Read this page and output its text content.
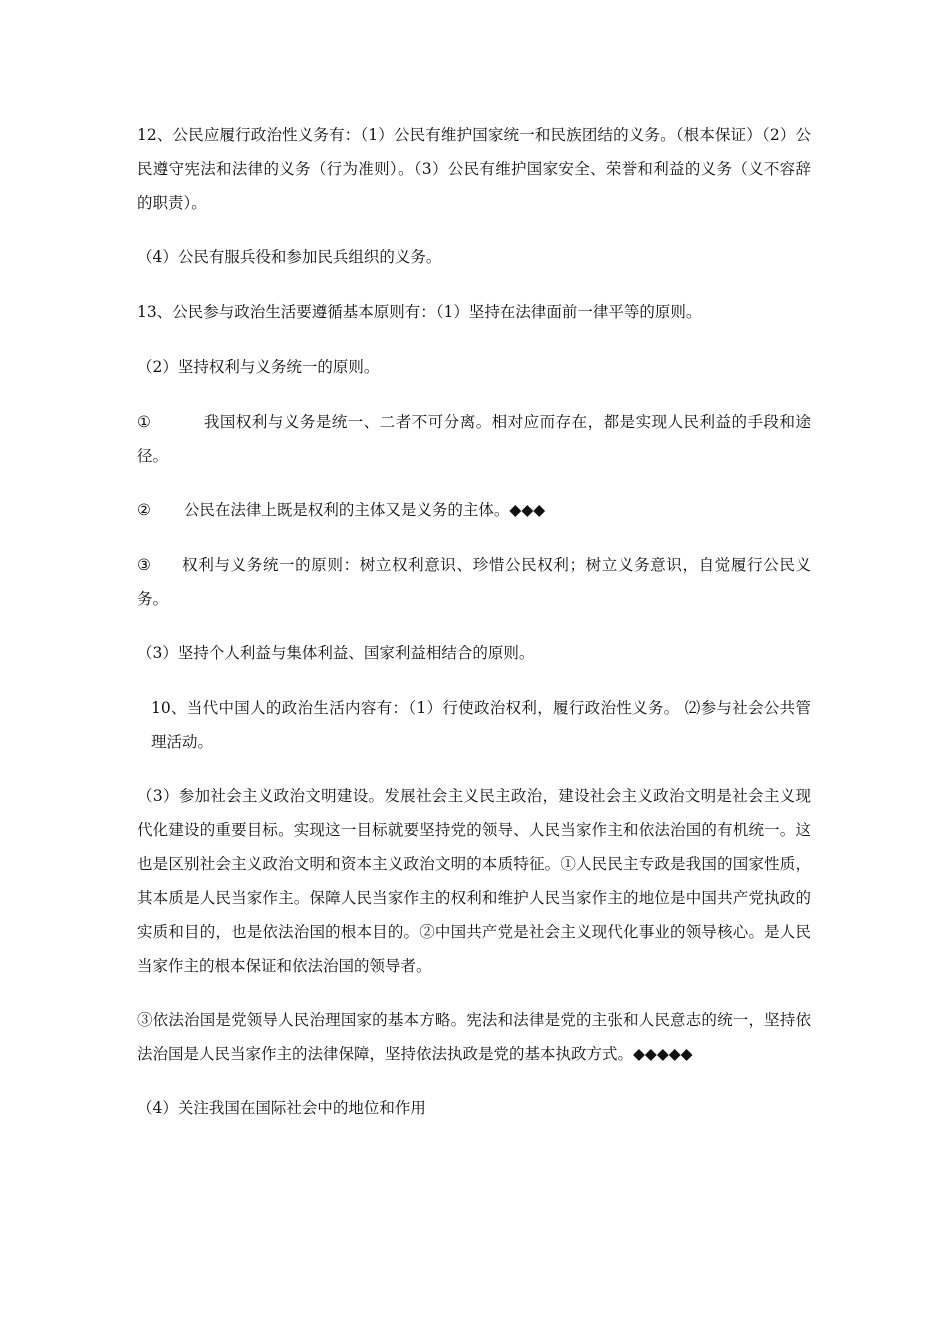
12、公民应履行政治性义务有：（1）公民有维护国家统一和民族团结的义务。（根本保证）（2）公民遵守宪法和法律的义务（行为准则）。（3）公民有维护国家安全、荣誉和利益的义务（义不容辞的职责）。

（4）公民有服兵役和参加民兵组织的义务。

13、公民参与政治生活要遵循基本原则有：（1）坚持在法律面前一律平等的原则。

（2）坚持权利与义务统一的原则。

①	我国权利与义务是统一、二者不可分离。相对应而存在，都是实现人民利益的手段和途径。

② 公民在法律上既是权利的主体又是义务的主体。◆◆◆

③ 权利与义务统一的原则：树立权利意识、珍惜公民权利；树立义务意识，自觉履行公民义务。

（3）坚持个人利益与集体利益、国家利益相结合的原则。

10、当代中国人的政治生活内容有：（1）行使政治权利，履行政治性义务。 ⑵参与社会公共管理活动。

（3）参加社会主义政治文明建设。发展社会主义民主政治，建设社会主义政治文明是社会主义现代化建设的重要目标。实现这一目标就要坚持党的领导、人民当家作主和依法治国的有机统一。这也是区别社会主义政治文明和资本主义政治文明的本质特征。①人民民主专政是我国的国家性质，其本质是人民当家作主。保障人民当家作主的权利和维护人民当家作主的地位是中国共产党执政的实质和目的，也是依法治国的根本目的。②中国共产党是社会主义现代化事业的领导核心。是人民当家作主的根本保证和依法治国的领导者。

③依法治国是党领导人民治理国家的基本方略。宪法和法律是党的主张和人民意志的统一，坚持依法治国是人民当家作主的法律保障，坚持依法执政是党的基本执政方式。◆◆◆◆◆

（4）关注我国在国际社会中的地位和作用
